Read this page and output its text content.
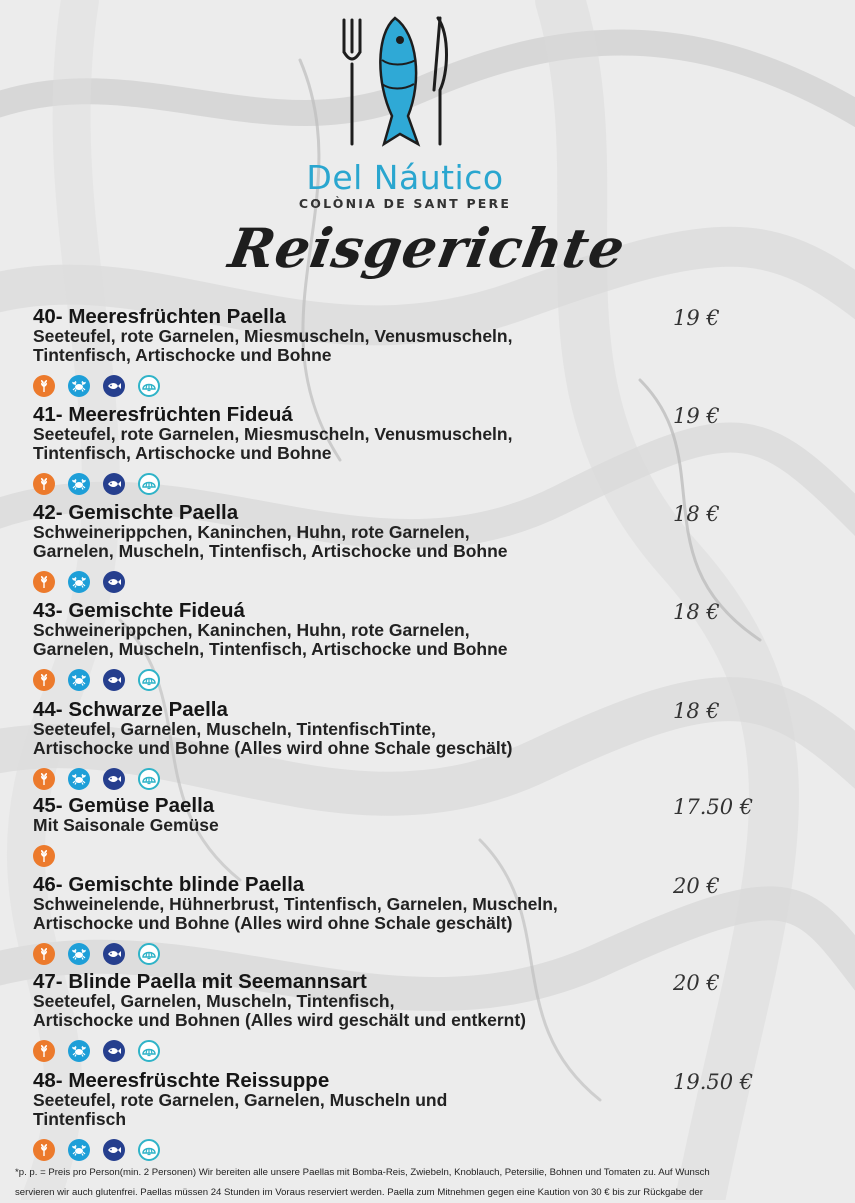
Del Náutico
COLÒNIA DE SANT PERE
Reisgerichte
40- Meeresfrüchten Paella
Seeteufel, rote Garnelen, Miesmuscheln, Venusmuscheln,
Tintenfisch, Artischocke und Bohne
19 €
41- Meeresfrüchten Fideuá
Seeteufel, rote Garnelen, Miesmuscheln, Venusmuscheln,
Tintenfisch, Artischocke und Bohne
19 €
42- Gemischte Paella
Schweinerippchen, Kaninchen, Huhn, rote Garnelen,
Garnelen, Muscheln, Tintenfisch, Artischocke und Bohne
18 €
43- Gemischte Fideuá
Schweinerippchen, Kaninchen, Huhn, rote Garnelen,
Garnelen, Muscheln, Tintenfisch, Artischocke und Bohne
18 €
44- Schwarze Paella
Seeteufel, Garnelen, Muscheln, TintenfischTinte,
Artischocke und Bohne (Alles wird ohne Schale geschält)
18 €
45- Gemüse Paella
Mit Saisonale Gemüse
17.50 €
46- Gemischte blinde Paella
Schweinelende, Hühnerbrust, Tintenfisch, Garnelen, Muscheln,
Artischocke und Bohne (Alles wird ohne Schale geschält)
20 €
47- Blinde Paella mit Seemannsart
Seeteufel, Garnelen, Muscheln, Tintenfisch,
Artischocke und Bohnen (Alles wird geschält und entkernt)
20 €
48- Meeresfrüschte Reissuppe
Seeteufel, rote Garnelen, Garnelen, Muscheln und
Tintenfisch
19.50 €
*p. p. = Preis pro Person(min. 2 Personen) Wir bereiten alle unsere Paellas mit Bomba-Reis, Zwiebeln, Knoblauch, Petersilie, Bohnen und Tomaten zu. Auf Wunsch
servieren wir auch glutenfrei. Paellas müssen 24 Stunden im Voraus reserviert werden. Paella zum Mitnehmen gegen eine Kaution von 30 € bis zur Rückgabe der
